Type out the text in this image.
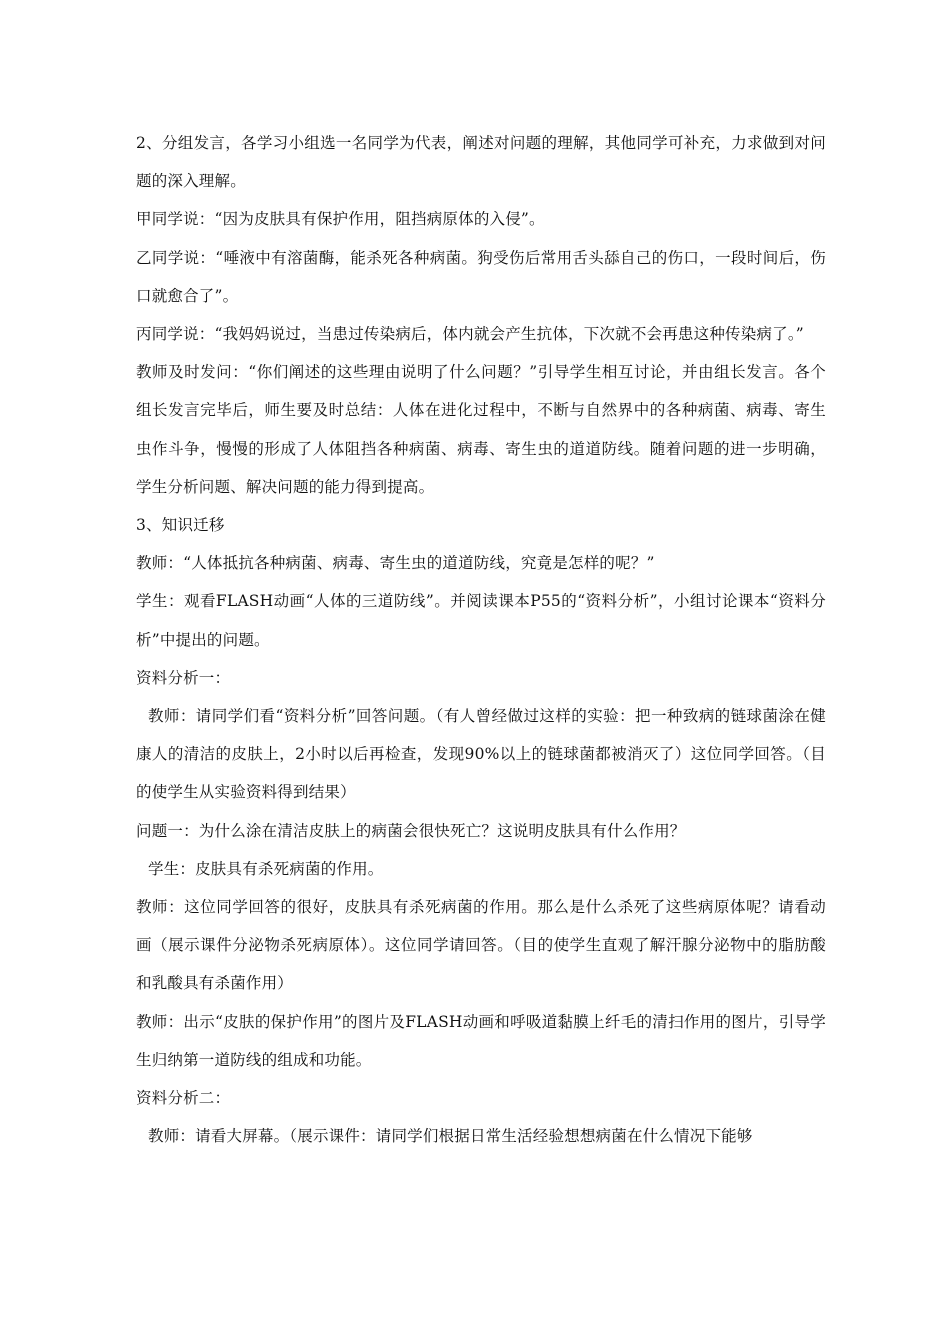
2、分组发言，各学习小组选一名同学为代表，阐述对问题的理解，其他同学可补充，力求做到对问题的深入理解。

甲同学说：“因为皮肤具有保护作用，阻挡病原体的入侵”。

乙同学说：“唾液中有溶菌酶，能杀死各种病菌。狗受伤后常用舌头舔自己的伤口，一段时间后，伤口就愈合了”。

丙同学说：“我妈妈说过，当患过传染病后，体内就会产生抗体，下次就不会再患这种传染病了。”

教师及时发问：“你们阐述的这些理由说明了什么问题？”引导学生相互讨论，并由组长发言。各个组长发言完毕后，师生要及时总结：人体在进化过程中，不断与自然界中的各种病菌、病毒、寄生虫作斗争，慢慢的形成了人体阻挡各种病菌、病毒、寄生虫的道道防线。随着问题的进一步明确，学生分析问题、解决问题的能力得到提高。

3、知识迁移

教师：“人体抵抗各种病菌、病毒、寄生虫的道道防线，究竟是怎样的呢？”

学生：观看FLASH动画“人体的三道防线”。并阅读课本P55的“资料分析”，小组讨论课本“资料分析”中提出的问题。

资料分析一：

教师：请同学们看“资料分析”回答问题。（有人曾经做过这样的实验：把一种致病的链球菌涂在健康人的清洁的皮肤上，2小时以后再检查，发现90%以上的链球菌都被消灭了）这位同学回答。（目的使学生从实验资料得到结果）

问题一：为什么涂在清洁皮肤上的病菌会很快死亡？这说明皮肤具有什么作用？

学生：皮肤具有杀死病菌的作用。

教师：这位同学回答的很好，皮肤具有杀死病菌的作用。那么是什么杀死了这些病原体呢？请看动画（展示课件分泌物杀死病原体）。这位同学请回答。（目的使学生直观了解汗腺分泌物中的脂肪酸和乳酸具有杀菌作用）

教师：出示“皮肤的保护作用”的图片及FLASH动画和呼吸道黏膜上纤毛的清扫作用的图片，引导学生归纳第一道防线的组成和功能。

资料分析二：

教师：请看大屏幕。（展示课件：请同学们根据日常生活经验想想病菌在什么情况下能够
